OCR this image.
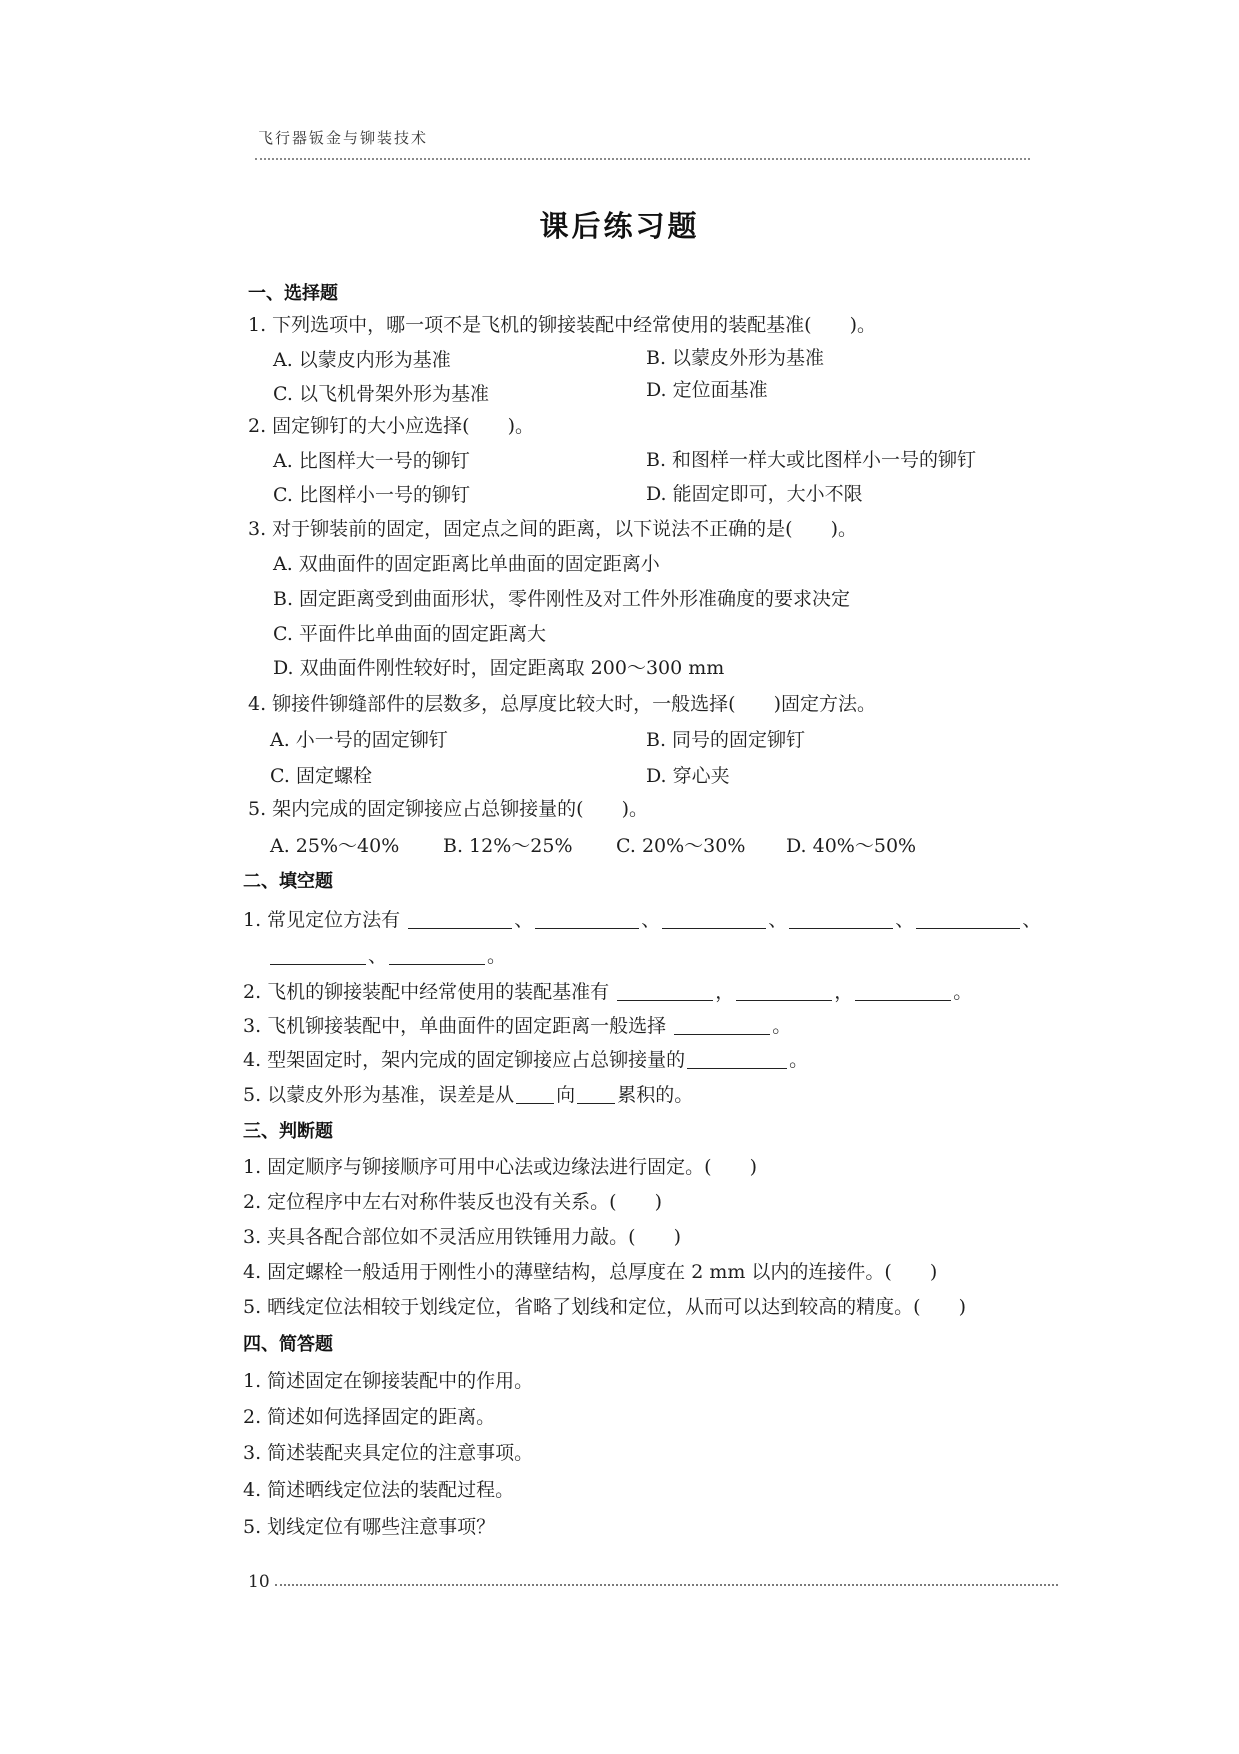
飞行器钣金与铆装技术
课后练习题
一、选择题
1. 下列选项中，哪一项不是飞机的铆接装配中经常使用的装配基准(　　)。
A. 以蒙皮内形为基准	B. 以蒙皮外形为基准
C. 以飞机骨架外形为基准	D. 定位面基准
2. 固定铆钉的大小应选择(　　)。
A. 比图样大一号的铆钉	B. 和图样一样大或比图样小一号的铆钉
C. 比图样小一号的铆钉	D. 能固定即可，大小不限
3. 对于铆装前的固定，固定点之间的距离，以下说法不正确的是(　　)。
A. 双曲面件的固定距离比单曲面的固定距离小
B. 固定距离受到曲面形状，零件刚性及对工件外形准确度的要求决定
C. 平面件比单曲面的固定距离大
D. 双曲面件刚性较好时，固定距离取 200～300 mm
4. 铆接件铆缝部件的层数多，总厚度比较大时，一般选择(　　)固定方法。
A. 小一号的固定铆钉	B. 同号的固定铆钉
C. 固定螺栓	D. 穿心夹
5. 架内完成的固定铆接应占总铆接量的(　　)。
A. 25%～40% B. 12%～25% C. 20%～30% D. 40%～50%
二、填空题
1. 常见定位方法有	、	、	、	、	、
、	。
2. 飞机的铆接装配中经常使用的装配基准有	，	，	。
3. 飞机铆接装配中，单曲面件的固定距离一般选择	。
4. 型架固定时，架内完成的固定铆接应占总铆接量的	。
5. 以蒙皮外形为基准，误差是从 向 累积的。
三、判断题
1. 固定顺序与铆接顺序可用中心法或边缘法进行固定。(　　)
2. 定位程序中左右对称件装反也没有关系。(　　)
3. 夹具各配合部位如不灵活应用铁锤用力敲。(　　)
4. 固定螺栓一般适用于刚性小的薄壁结构，总厚度在 2 mm 以内的连接件。(　　)
5. 晒线定位法相较于划线定位，省略了划线和定位，从而可以达到较高的精度。(　　)
四、简答题
1. 简述固定在铆接装配中的作用。
2. 简述如何选择固定的距离。
3. 简述装配夹具定位的注意事项。
4. 简述晒线定位法的装配过程。
5. 划线定位有哪些注意事项？
10
